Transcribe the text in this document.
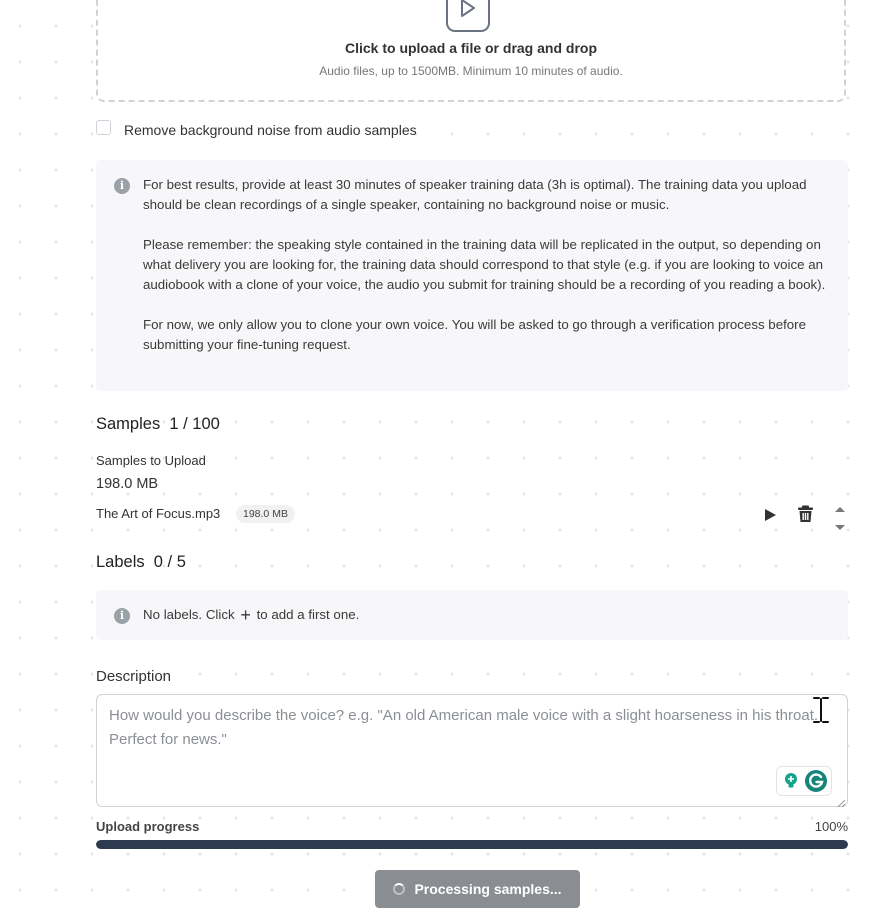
Click to upload a file or drag and drop
Audio files, up to 1500MB. Minimum 10 minutes of audio.
Remove background noise from audio samples
i	For best results, provide at least 30 minutes of speaker training data (3h is optimal). The training data you upload should be clean recordings of a single speaker, containing no background noise or music.

Please remember: the speaking style contained in the training data will be replicated in the output, so depending on what delivery you are looking for, the training data should correspond to that style (e.g. if you are looking to voice an audiobook with a clone of your voice, the audio you submit for training should be a recording of you reading a book).

For now, we only allow you to clone your own voice. You will be asked to go through a verification process before submitting your fine-tuning request.

Samples  1 / 100
Samples to Upload
198.0 MB
The Art of Focus.mp3	198.0 MB
Labels  0 / 5
i	No labels. Click + to add a first one.
Description
How would you describe the voice? e.g. "An old American male voice with a slight hoarseness in his throat. Perfect for news."
Upload progress	100%
Processing samples...
